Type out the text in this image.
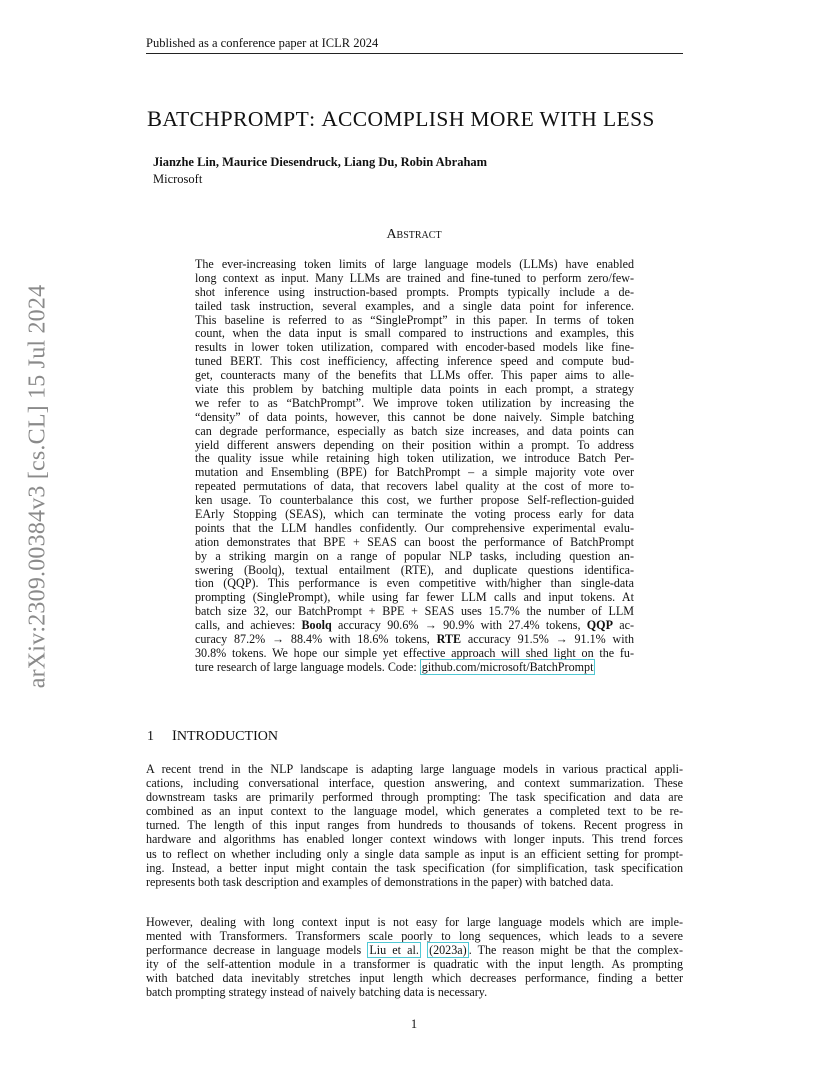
Published as a conference paper at ICLR 2024
arXiv:2309.00384v3 [cs.CL] 15 Jul 2024
BATCHPROMPT: ACCOMPLISH MORE WITH LESS
Jianzhe Lin, Maurice Diesendruck, Liang Du, Robin Abraham
Microsoft
Abstract
The ever-increasing token limits of large language models (LLMs) have enabled
long context as input. Many LLMs are trained and fine-tuned to perform zero/few-
shot inference using instruction-based prompts. Prompts typically include a de-
tailed task instruction, several examples, and a single data point for inference.
This baseline is referred to as “SinglePrompt” in this paper. In terms of token
count, when the data input is small compared to instructions and examples, this
results in lower token utilization, compared with encoder-based models like fine-
tuned BERT. This cost inefficiency, affecting inference speed and compute bud-
get, counteracts many of the benefits that LLMs offer. This paper aims to alle-
viate this problem by batching multiple data points in each prompt, a strategy
we refer to as “BatchPrompt”. We improve token utilization by increasing the
“density” of data points, however, this cannot be done naively. Simple batching
can degrade performance, especially as batch size increases, and data points can
yield different answers depending on their position within a prompt. To address
the quality issue while retaining high token utilization, we introduce Batch Per-
mutation and Ensembling (BPE) for BatchPrompt – a simple majority vote over
repeated permutations of data, that recovers label quality at the cost of more to-
ken usage. To counterbalance this cost, we further propose Self-reflection-guided
EArly Stopping (SEAS), which can terminate the voting process early for data
points that the LLM handles confidently. Our comprehensive experimental evalu-
ation demonstrates that BPE + SEAS can boost the performance of BatchPrompt
by a striking margin on a range of popular NLP tasks, including question an-
swering (Boolq), textual entailment (RTE), and duplicate questions identifica-
tion (QQP). This performance is even competitive with/higher than single-data
prompting (SinglePrompt), while using far fewer LLM calls and input tokens. At
batch size 32, our BatchPrompt + BPE + SEAS uses 15.7% the number of LLM
calls, and achieves: Boolq accuracy 90.6% → 90.9% with 27.4% tokens, QQP ac-
curacy 87.2% → 88.4% with 18.6% tokens, RTE accuracy 91.5% → 91.1% with
30.8% tokens. We hope our simple yet effective approach will shed light on the fu-
ture research of large language models. Code: github.com/microsoft/BatchPrompt
1 INTRODUCTION
A recent trend in the NLP landscape is adapting large language models in various practical appli-
cations, including conversational interface, question answering, and context summarization. These
downstream tasks are primarily performed through prompting: The task specification and data are
combined as an input context to the language model, which generates a completed text to be re-
turned. The length of this input ranges from hundreds to thousands of tokens. Recent progress in
hardware and algorithms has enabled longer context windows with longer inputs. This trend forces
us to reflect on whether including only a single data sample as input is an efficient setting for prompt-
ing. Instead, a better input might contain the task specification (for simplification, task specification
represents both task description and examples of demonstrations in the paper) with batched data.
However, dealing with long context input is not easy for large language models which are imple-
mented with Transformers. Transformers scale poorly to long sequences, which leads to a severe
performance decrease in language models Liu et al. (2023a) . The reason might be that the complex-
ity of the self-attention module in a transformer is quadratic with the input length. As prompting
with batched data inevitably stretches input length which decreases performance, finding a better
batch prompting strategy instead of naively batching data is necessary.
1
